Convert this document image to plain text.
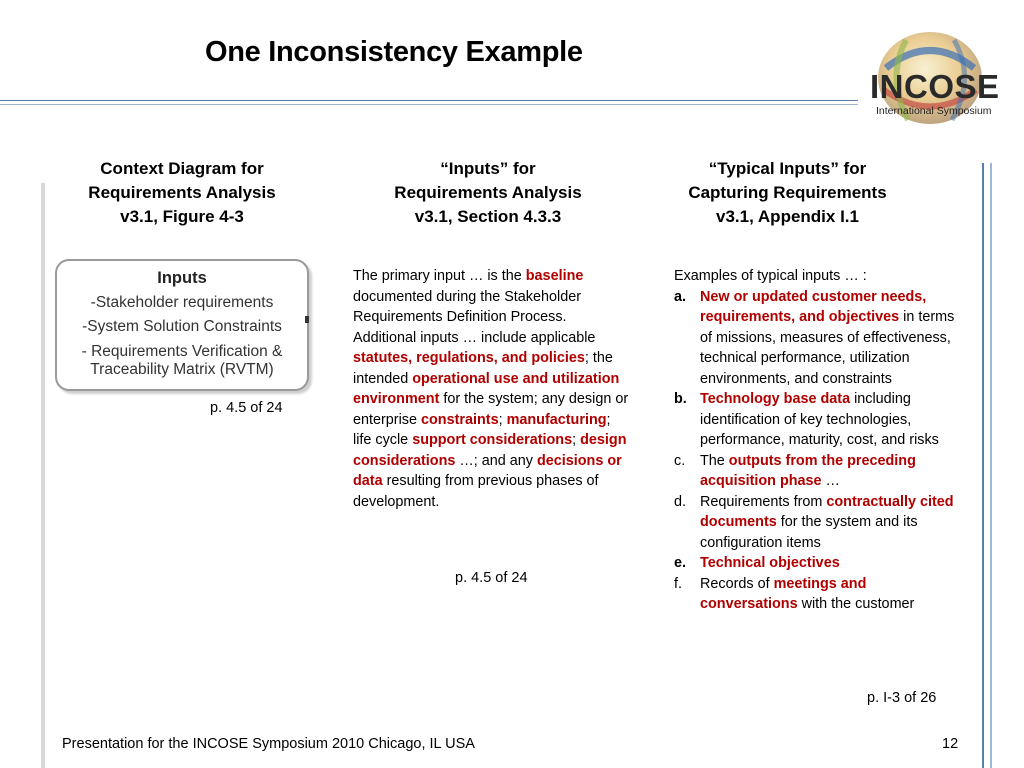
One Inconsistency Example
INCOSE
International Symposium
Context Diagram for
Requirements Analysis
v3.1, Figure 4-3
Inputs
-Stakeholder requirements
-System Solution Constraints
- Requirements Verification &
Traceability Matrix (RVTM)
p. 4.5 of 24
“Inputs” for
Requirements Analysis
v3.1, Section 4.3.3
The primary input … is the baseline documented during the Stakeholder Requirements Definition Process. Additional inputs … include applicable statutes, regulations, and policies; the intended operational use and utilization environment for the system; any design or enterprise constraints; manufacturing; life cycle support considerations; design considerations …; and any decisions or data resulting from previous phases of development.
p. 4.5 of 24
“Typical Inputs” for
Capturing Requirements
v3.1, Appendix I.1
Examples of typical inputs … :
a. New or updated customer needs, requirements, and objectives in terms of missions, measures of effectiveness, technical performance, utilization environments, and constraints
b. Technology base data including identification of key technologies, performance, maturity, cost, and risks
c. The outputs from the preceding acquisition phase …
d. Requirements from contractually cited documents for the system and its configuration items
e. Technical objectives
f. Records of meetings and conversations with the customer
p. I-3 of 26
Presentation for the INCOSE Symposium 2010 Chicago, IL USA	12
